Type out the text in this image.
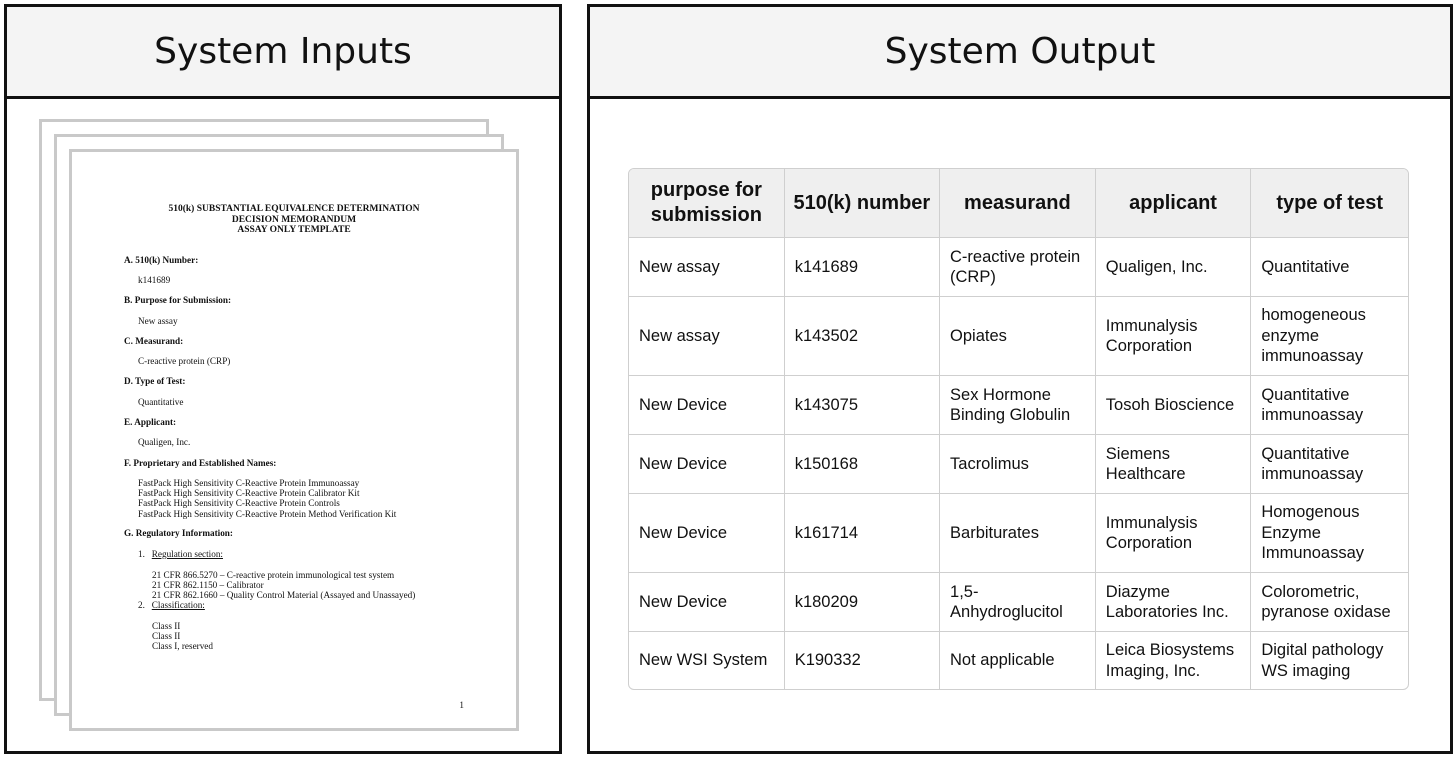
System Inputs
510(k) SUBSTANTIAL EQUIVALENCE DETERMINATION
DECISION MEMORANDUM
ASSAY ONLY TEMPLATE
A. 510(k) Number:
k141689
B. Purpose for Submission:
New assay
C. Measurand:
C-reactive protein (CRP)
D. Type of Test:
Quantitative
E. Applicant:
Qualigen, Inc.
F. Proprietary and Established Names:
FastPack High Sensitivity C-Reactive Protein Immunoassay
FastPack High Sensitivity C-Reactive Protein Calibrator Kit
FastPack High Sensitivity C-Reactive Protein Controls
FastPack High Sensitivity C-Reactive Protein Method Verification Kit
G. Regulatory Information:
1. Regulation section:
21 CFR 866.5270 – C-reactive protein immunological test system
21 CFR 862.1150 – Calibrator
21 CFR 862.1660 – Quality Control Material (Assayed and Unassayed)
2. Classification:
Class II
Class II
Class I, reserved
1
System Output
purpose for submission	510(k) number	measurand	applicant	type of test
New assay	k141689	C-reactive protein (CRP)	Qualigen, Inc.	Quantitative
New assay	k143502	Opiates	Immunalysis Corporation	homogeneous enzyme immunoassay
New Device	k143075	Sex Hormone Binding Globulin	Tosoh Bioscience	Quantitative immunoassay
New Device	k150168	Tacrolimus	Siemens Healthcare	Quantitative immunoassay
New Device	k161714	Barbiturates	Immunalysis Corporation	Homogenous Enzyme Immunoassay
New Device	k180209	1,5-Anhydroglucitol	Diazyme Laboratories Inc.	Colorometric, pyranose oxidase
New WSI System	K190332	Not applicable	Leica Biosystems Imaging, Inc.	Digital pathology WS imaging
